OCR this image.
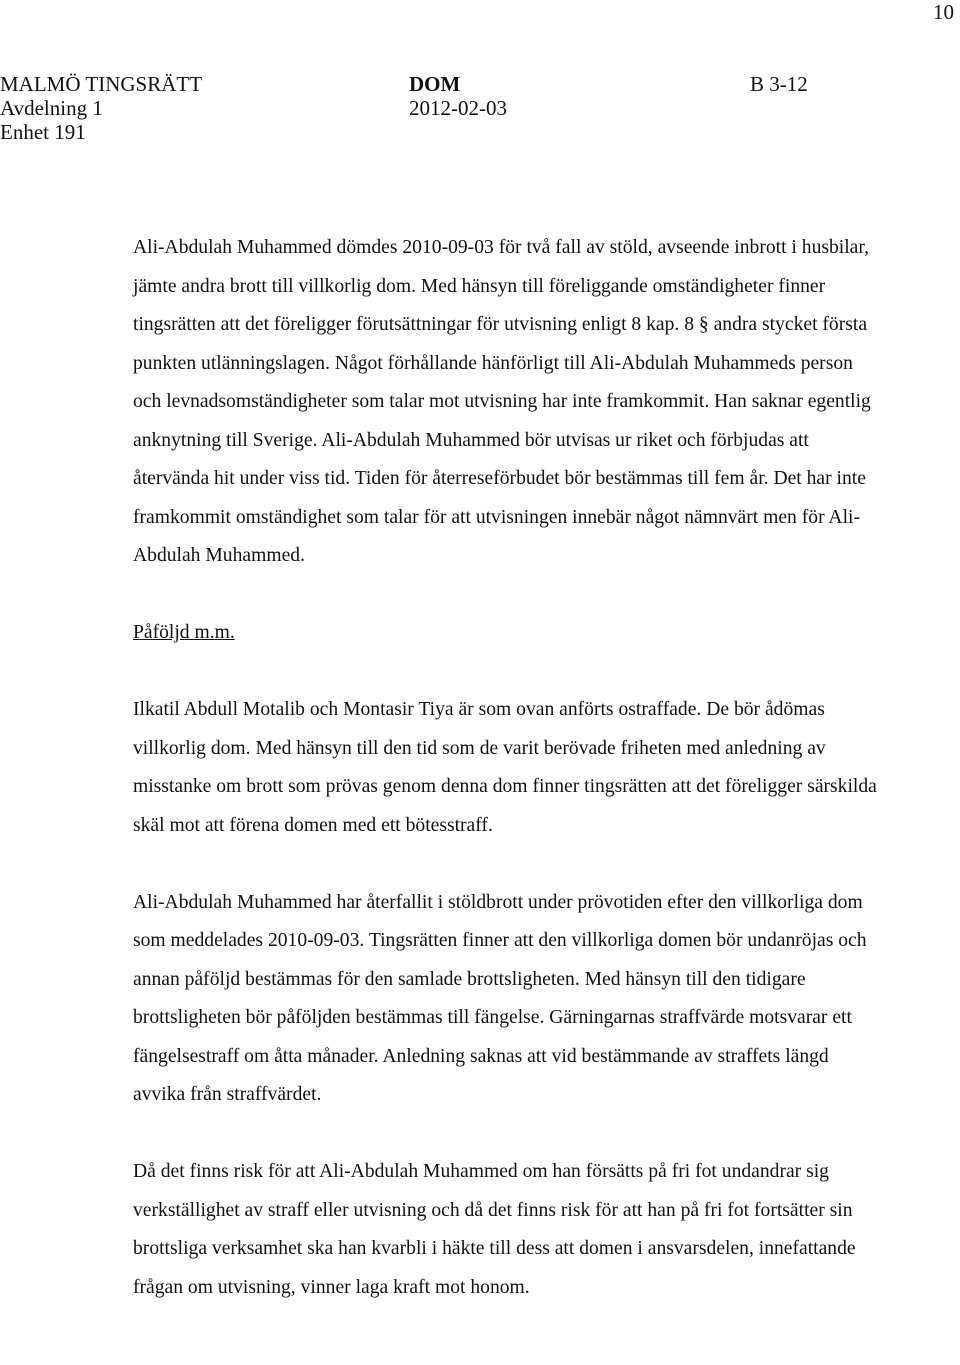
10
MALMÖ TINGSRÄTT
Avdelning 1
Enhet 191
DOM
2012-02-03
B 3-12

Ali-Abdulah Muhammed dömdes 2010-09-03 för två fall av stöld, avseende inbrott i husbilar, jämte andra brott till villkorlig dom. Med hänsyn till föreliggande omständigheter finner tingsrätten att det föreligger förutsättningar för utvisning enligt 8 kap. 8 § andra stycket första punkten utlänningslagen. Något förhållande hänförligt till Ali-Abdulah Muhammeds person och levnadsomständigheter som talar mot utvisning har inte framkommit. Han saknar egentlig anknytning till Sverige. Ali-Abdulah Muhammed bör utvisas ur riket och förbjudas att återvända hit under viss tid. Tiden för återreseförbudet bör bestämmas till fem år. Det har inte framkommit omständighet som talar för att utvisningen innebär något nämnvärt men för Ali-Abdulah Muhammed.

Påföljd m.m.

Ilkatil Abdull Motalib och Montasir Tiya är som ovan anförts ostraffade. De bör ådömas villkorlig dom. Med hänsyn till den tid som de varit berövade friheten med anledning av misstanke om brott som prövas genom denna dom finner tingsrätten att det föreligger särskilda skäl mot att förena domen med ett bötesstraff.

Ali-Abdulah Muhammed har återfallit i stöldbrott under prövotiden efter den villkorliga dom som meddelades 2010-09-03. Tingsrätten finner att den villkorliga domen bör undanröjas och annan påföljd bestämmas för den samlade brottsligheten. Med hänsyn till den tidigare brottsligheten bör påföljden bestämmas till fängelse. Gärningarnas straffvärde motsvarar ett fängelsestraff om åtta månader. Anledning saknas att vid bestämmande av straffets längd avvika från straffvärdet.

Då det finns risk för att Ali-Abdulah Muhammed om han försätts på fri fot undandrar sig verkställighet av straff eller utvisning och då det finns risk för att han på fri fot fortsätter sin brottsliga verksamhet ska han kvarbli i häkte till dess att domen i ansvarsdelen, innefattande frågan om utvisning, vinner laga kraft mot honom.
